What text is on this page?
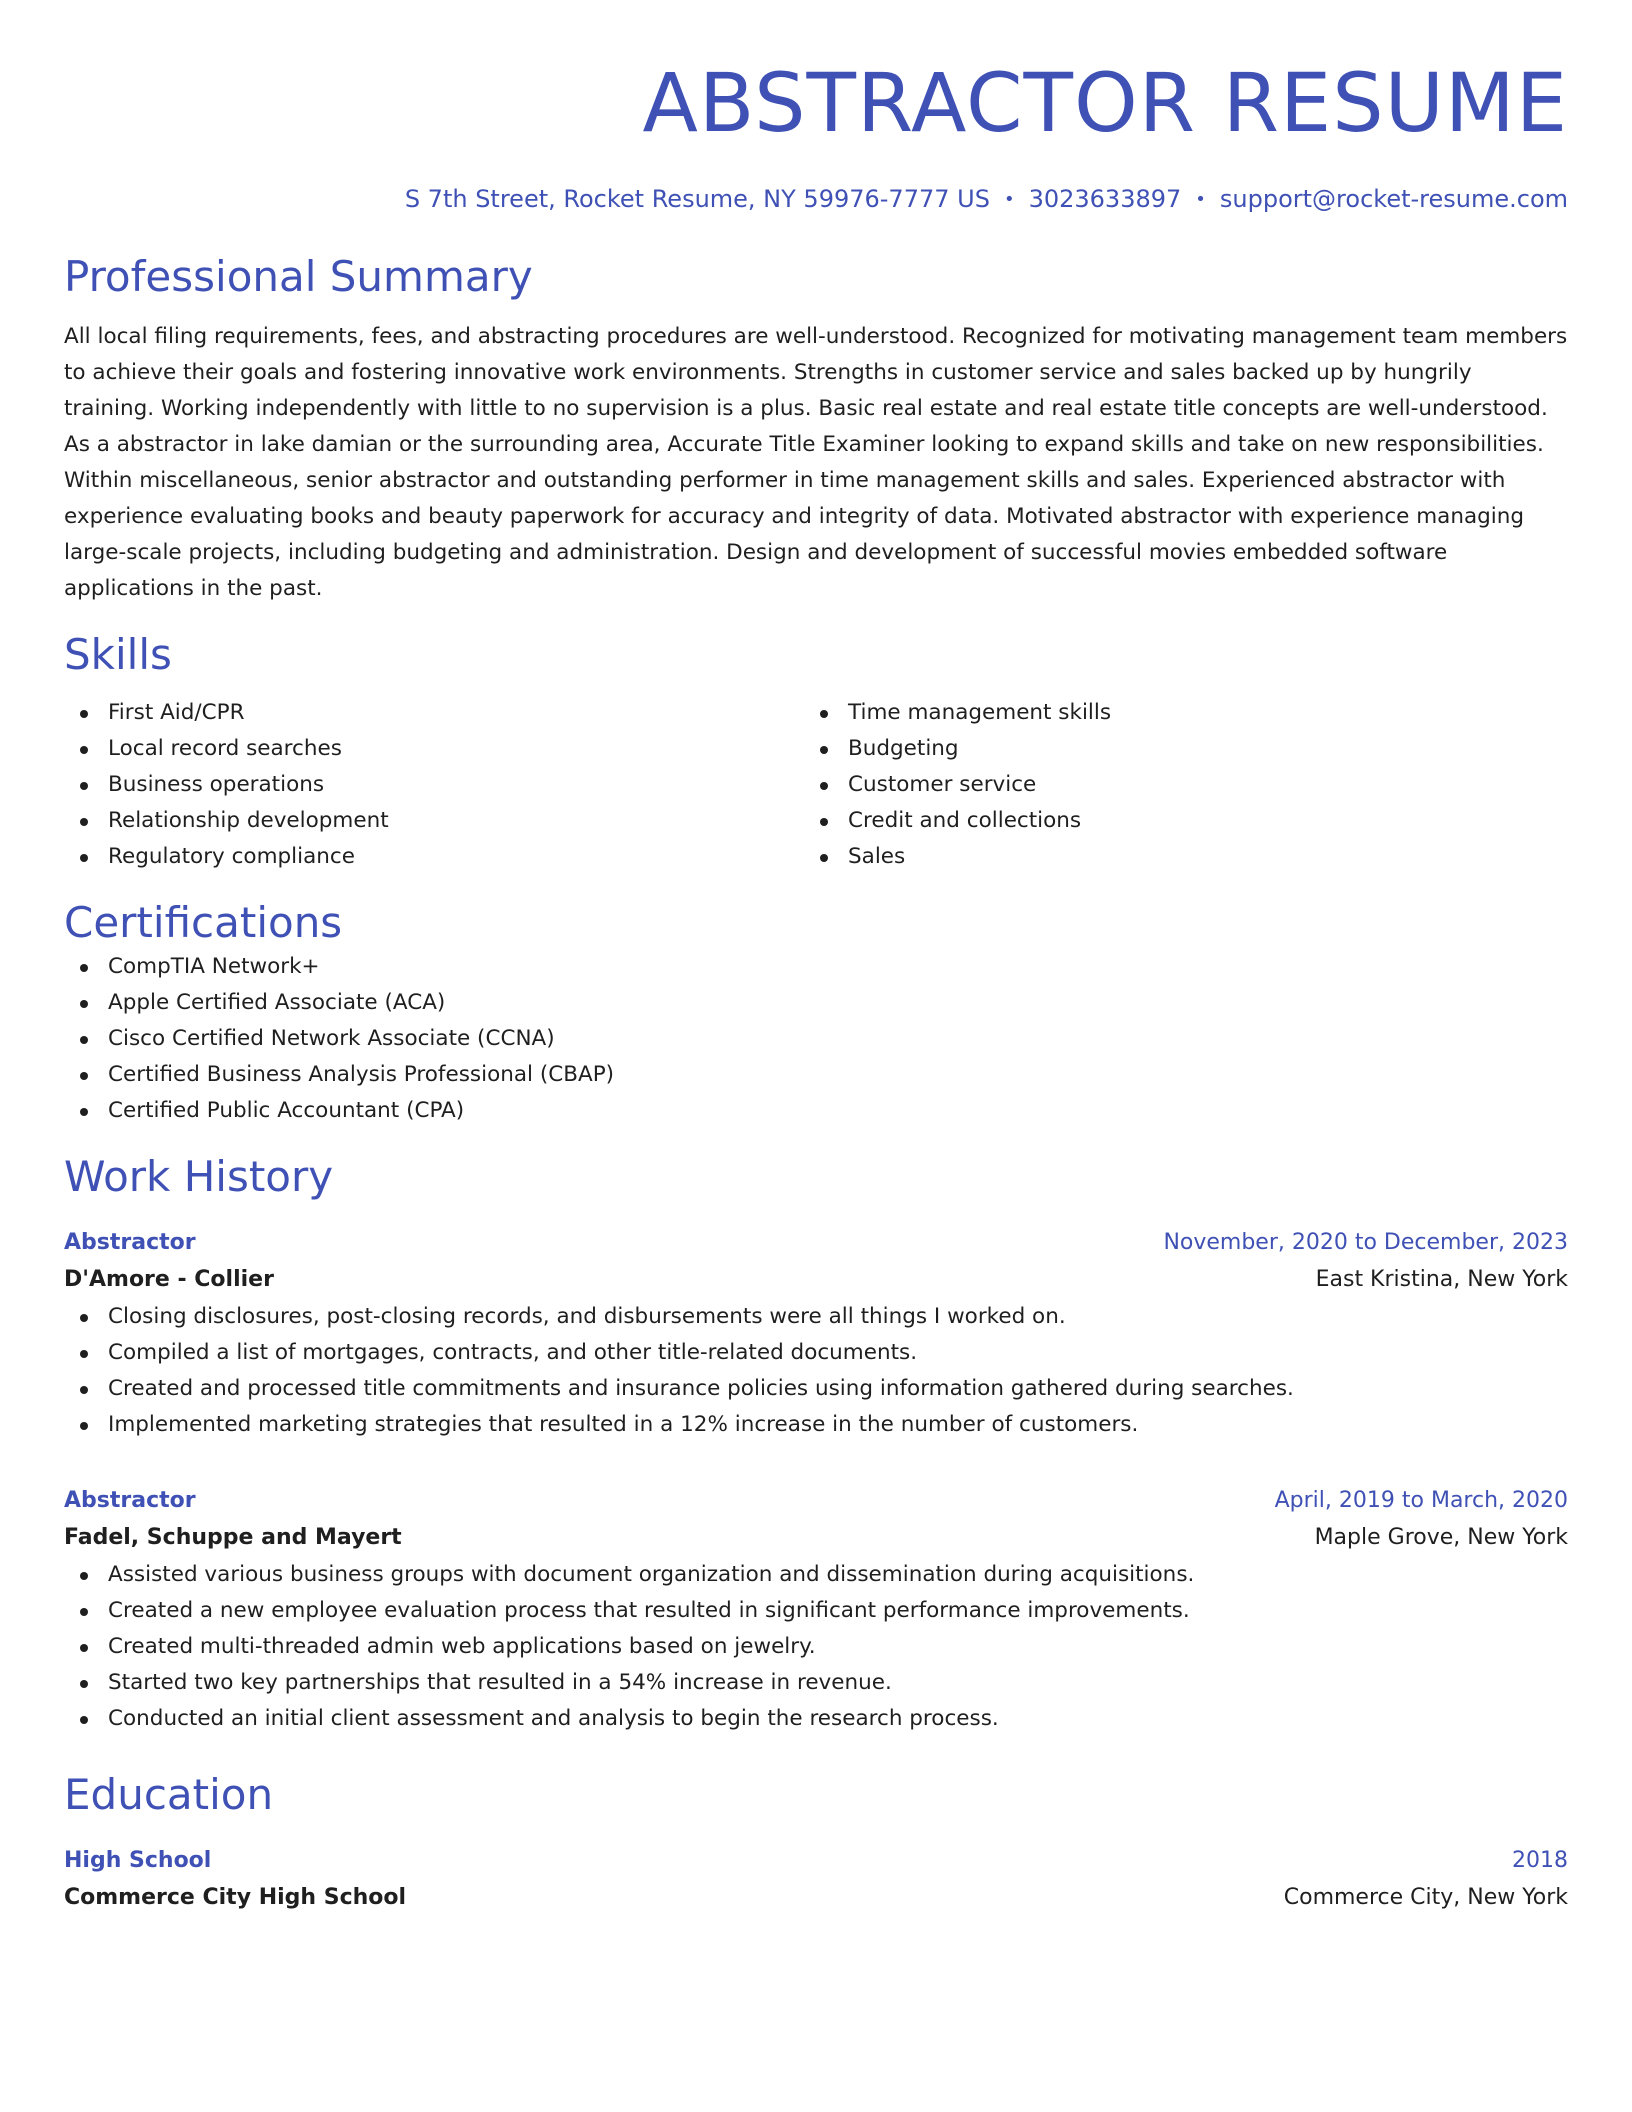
ABSTRACTOR RESUME
S 7th Street, Rocket Resume, NY 59976-7777 US • 3023633897 • support@rocket-resume.com
Professional Summary

All local filing requirements, fees, and abstracting procedures are well-understood. Recognized for motivating management team members to achieve their goals and fostering innovative work environments. Strengths in customer service and sales backed up by hungrily training. Working independently with little to no supervision is a plus. Basic real estate and real estate title concepts are well-understood. As a abstractor in lake damian or the surrounding area, Accurate Title Examiner looking to expand skills and take on new responsibilities. Within miscellaneous, senior abstractor and outstanding performer in time management skills and sales. Experienced abstractor with experience evaluating books and beauty paperwork for accuracy and integrity of data. Motivated abstractor with experience managing large-scale projects, including budgeting and administration. Design and development of successful movies embedded software applications in the past.

Skills
First Aid/CPR
Local record searches
Business operations
Relationship development
Regulatory compliance
Time management skills
Budgeting
Customer service
Credit and collections
Sales
Certifications
CompTIA Network+
Apple Certified Associate (ACA)
Cisco Certified Network Associate (CCNA)
Certified Business Analysis Professional (CBAP)
Certified Public Accountant (CPA)
Work History
Abstractor	November, 2020 to December, 2023
D'Amore - Collier	East Kristina, New York
Closing disclosures, post-closing records, and disbursements were all things I worked on.
Compiled a list of mortgages, contracts, and other title-related documents.
Created and processed title commitments and insurance policies using information gathered during searches.
Implemented marketing strategies that resulted in a 12% increase in the number of customers.
Abstractor	April, 2019 to March, 2020
Fadel, Schuppe and Mayert	Maple Grove, New York
Assisted various business groups with document organization and dissemination during acquisitions.
Created a new employee evaluation process that resulted in significant performance improvements.
Created multi-threaded admin web applications based on jewelry.
Started two key partnerships that resulted in a 54% increase in revenue.
Conducted an initial client assessment and analysis to begin the research process.
Education
High School	2018
Commerce City High School	Commerce City, New York
